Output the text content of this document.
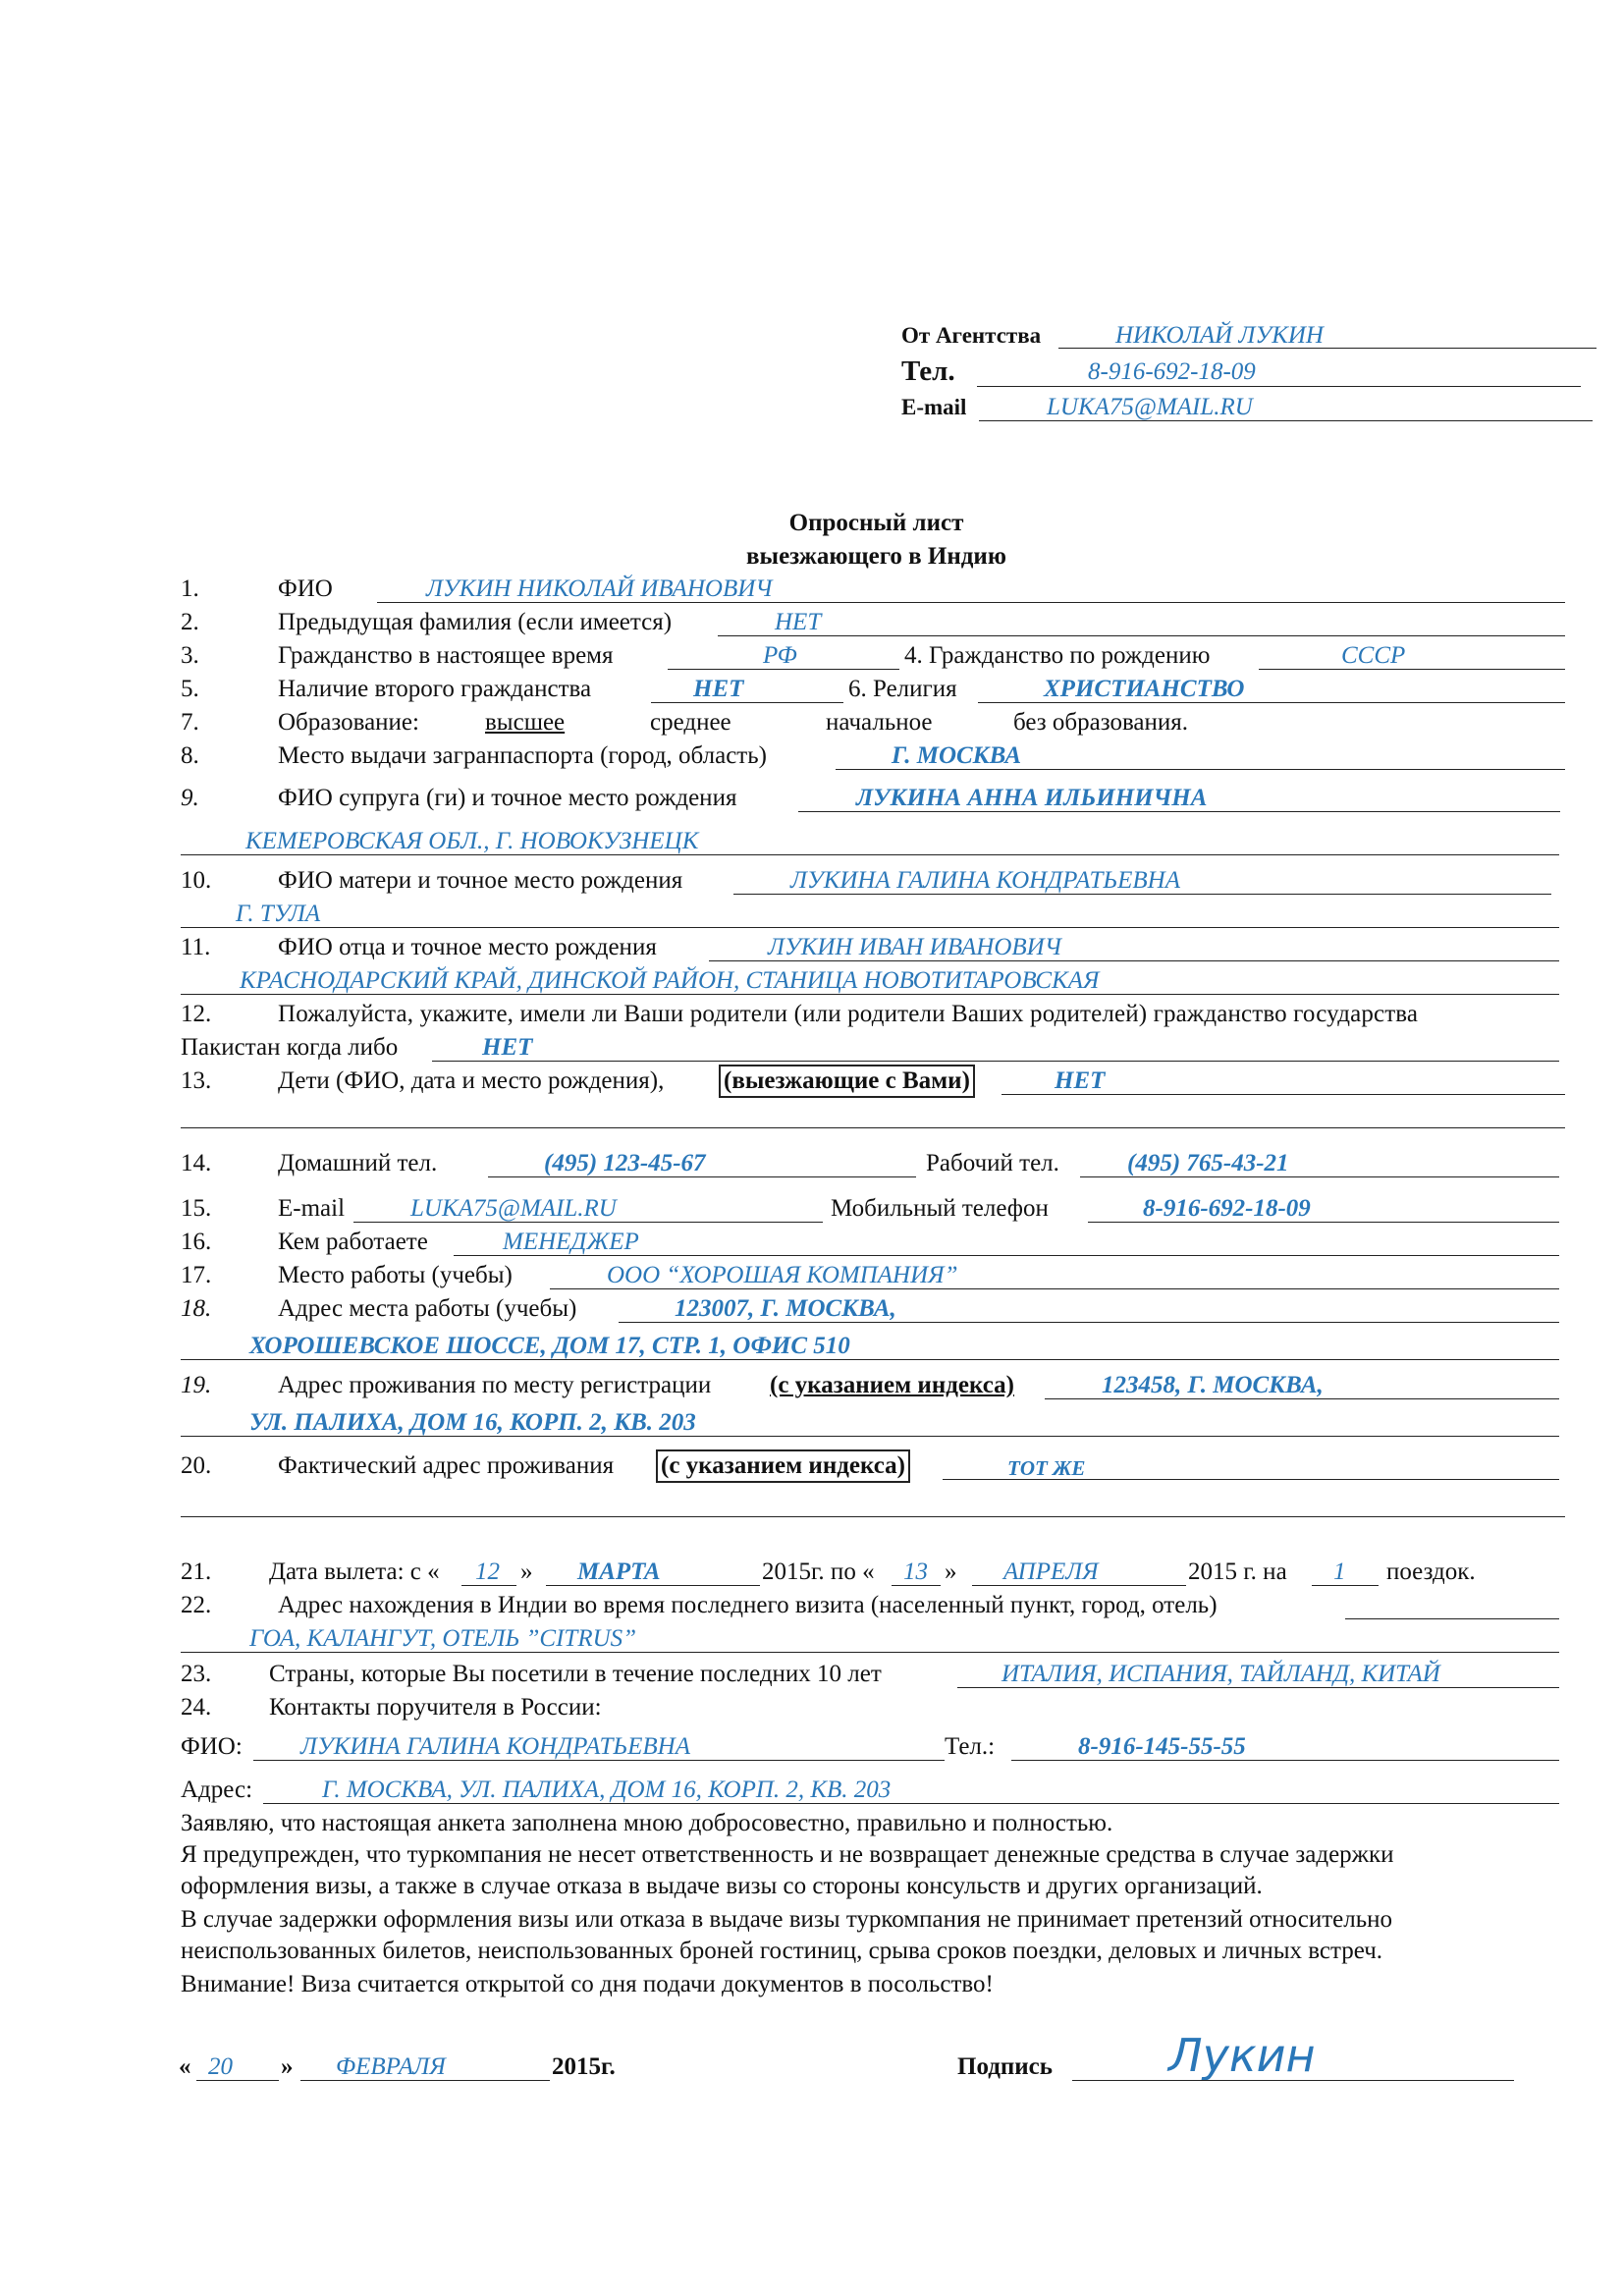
От Агентства	НИКОЛАЙ ЛУКИН
Тел.	8-916-692-18-09
E-mail	LUKA75@MAIL.RU
Опросный лист
выезжающего в Индию
1.	ФИО	ЛУКИН НИКОЛАЙ ИВАНОВИЧ
2.	Предыдущая фамилия (если имеется)	НЕТ
3.	Гражданство в настоящее время	РФ	4. Гражданство по рождению	СССР
5.	Наличие второго гражданства	НЕТ	6. Религия	ХРИСТИАНСТВО
7.	Образование:	высшее	среднее	начальное	без образования.
8.	Место выдачи загранпаспорта (город, область)	Г. МОСКВА
9.	ФИО супруга (ги) и точное место рождения	ЛУКИНА АННА ИЛЬИНИЧНА
КЕМЕРОВСКАЯ ОБЛ., Г. НОВОКУЗНЕЦК
10.	ФИО матери и точное место рождения	ЛУКИНА ГАЛИНА КОНДРАТЬЕВНА
Г. ТУЛА
11.	ФИО отца и точное место рождения	ЛУКИН ИВАН ИВАНОВИЧ
КРАСНОДАРСКИЙ КРАЙ, ДИНСКОЙ РАЙОН, СТАНИЦА НОВОТИТАРОВСКАЯ
12.	Пожалуйста, укажите, имели ли Ваши родители (или родители Ваших родителей) гражданство государства
Пакистан когда либо	НЕТ
13.	Дети (ФИО, дата и место рождения), (выезжающие с Вами)	НЕТ
14.	Домашний тел.	(495) 123-45-67	Рабочий тел.	(495) 765-43-21
15.	E-mail	LUKA75@MAIL.RU	Мобильный телефон	8-916-692-18-09
16.	Кем работаете	МЕНЕДЖЕР
17.	Место работы (учебы)	ООО “ХОРОШАЯ КОМПАНИЯ”
18.	Адрес места работы (учебы)	123007, Г. МОСКВА,
ХОРОШЕВСКОЕ ШОССЕ, ДОМ 17, СТР. 1, ОФИС 510
19.	Адрес проживания по месту регистрации (с указанием индекса)	123458, Г. МОСКВА,
УЛ. ПАЛИХА, ДОМ 16, КОРП. 2, КВ. 203
20.	Фактический адрес проживания (с указанием индекса)	ТОТ ЖЕ
21. Дата вылета: с « 12 » МАРТА	2015г. по « 13 » АПРЕЛЯ	2015 г. на 1 поездок.
22.	Адрес нахождения в Индии во время последнего визита (населенный пункт, город, отель)
ГОА, КАЛАНГУТ, ОТЕЛЬ ”CITRUS”
23. Страны, которые Вы посетили в течение последних 10 лет	ИТАЛИЯ, ИСПАНИЯ, ТАЙЛАНД, КИТАЙ
24. Контакты поручителя в России:
ФИО: ЛУКИНА ГАЛИНА КОНДРАТЬЕВНА	Тел.:	8-916-145-55-55
Адрес:	Г. МОСКВА, УЛ. ПАЛИХА, ДОМ 16, КОРП. 2, КВ. 203
Заявляю, что настоящая анкета заполнена мною добросовестно, правильно и полностью.
Я предупрежден, что туркомпания не несет ответственность и не возвращает денежные средства в случае задержки
оформления визы, а также в случае отказа в выдаче визы со стороны консульств и других организаций.
В случае задержки оформления визы или отказа в выдаче визы туркомпания не принимает претензий относительно
неиспользованных билетов, неиспользованных броней гостиниц, срыва сроков поездки, деловых и личных встреч.
Внимание! Виза считается открытой со дня подачи документов в посольство!
« 20 » ФЕВРАЛЯ	2015г.	Подпись	Лукин
